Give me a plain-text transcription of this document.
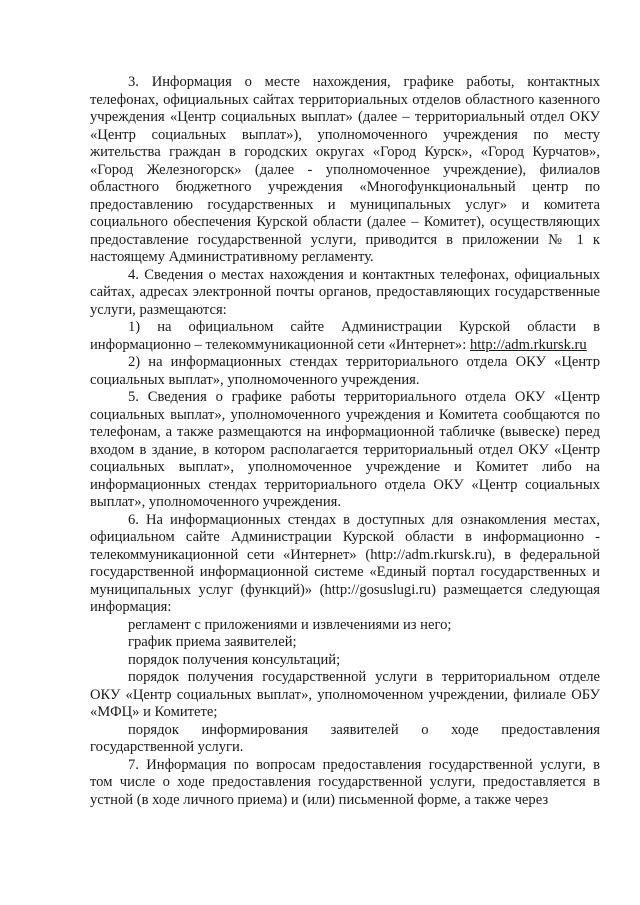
3. Информация о месте нахождения, графике работы, контактных телефонах, официальных сайтах территориальных отделов областного казенного учреждения «Центр социальных выплат» (далее – территориальный отдел ОКУ «Центр социальных выплат»), уполномоченного учреждения по месту жительства граждан в городских округах «Город Курск», «Город Курчатов», «Город Железногорск» (далее - уполномоченное учреждение), филиалов областного бюджетного учреждения «Многофункциональный центр по предоставлению государственных и муниципальных услуг» и комитета социального обеспечения Курской области (далее – Комитет), осуществляющих предоставление государственной услуги, приводится в приложении № 1 к настоящему Административному регламенту.

4. Сведения о местах нахождения и контактных телефонах, официальных сайтах, адресах электронной почты органов, предоставляющих государственные услуги, размещаются:

1) на официальном сайте Администрации Курской области в информационно – телекоммуникационной сети «Интернет»: http://adm.rkursk.ru

2) на информационных стендах территориального отдела ОКУ «Центр социальных выплат», уполномоченного учреждения.

5. Сведения о графике работы территориального отдела ОКУ «Центр социальных выплат», уполномоченного учреждения и Комитета сообщаются по телефонам, а также размещаются на информационной табличке (вывеске) перед входом в здание, в котором располагается территориальный отдел ОКУ «Центр социальных выплат», уполномоченное учреждение и Комитет либо на информационных стендах территориального отдела ОКУ «Центр социальных выплат», уполномоченного учреждения.

6. На информационных стендах в доступных для ознакомления местах, официальном сайте Администрации Курской области в информационно - телекоммуникационной сети «Интернет» (http://adm.rkursk.ru), в федеральной государственной информационной системе «Единый портал государственных и муниципальных услуг (функций)» (http://gosuslugi.ru) размещается следующая информация:

регламент с приложениями и извлечениями из него;

график приема заявителей;

порядок получения консультаций;

порядок получения государственной услуги в территориальном отделе ОКУ «Центр социальных выплат», уполномоченном учреждении, филиале ОБУ «МФЦ» и Комитете;

порядок информирования заявителей о ходе предоставления государственной услуги.

7. Информация по вопросам предоставления государственной услуги, в том числе о ходе предоставления государственной услуги, предоставляется в устной (в ходе личного приема) и (или) письменной форме, а также через
